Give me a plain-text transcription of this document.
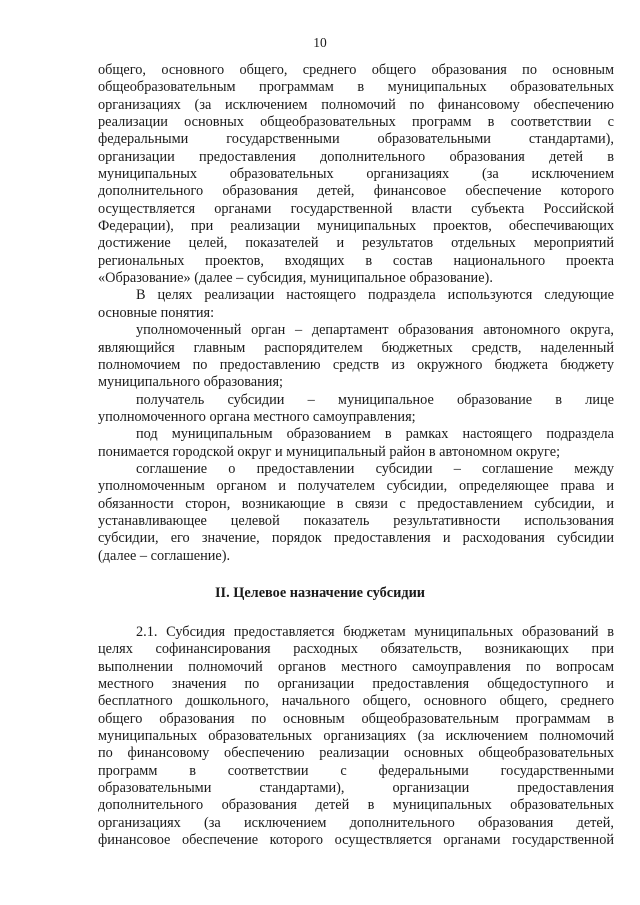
10
общего, основного общего, среднего общего образования по основным
общеобразовательным программам в муниципальных образовательных
организациях (за исключением полномочий по финансовому обеспечению
реализации основных общеобразовательных программ в соответствии с
федеральными государственными образовательными стандартами),
организации предоставления дополнительного образования детей в
муниципальных образовательных организациях (за исключением
дополнительного образования детей, финансовое обеспечение которого
осуществляется органами государственной власти субъекта Российской
Федерации), при реализации муниципальных проектов, обеспечивающих
достижение целей, показателей и результатов отдельных мероприятий
региональных проектов, входящих в состав национального проекта
«Образование» (далее – субсидия, муниципальное образование).
В целях реализации настоящего подраздела используются следующие
основные понятия:
уполномоченный орган – департамент образования автономного округа,
являющийся главным распорядителем бюджетных средств, наделенный
полномочием по предоставлению средств из окружного бюджета бюджету
муниципального образования;
получатель субсидии – муниципальное образование в лице
уполномоченного органа местного самоуправления;
под муниципальным образованием в рамках настоящего подраздела
понимается городской округ и муниципальный район в автономном округе;
соглашение о предоставлении субсидии – соглашение между
уполномоченным органом и получателем субсидии, определяющее права и
обязанности сторон, возникающие в связи с предоставлением субсидии, и
устанавливающее целевой показатель результативности использования
субсидии, его значение, порядок предоставления и расходования субсидии
(далее – соглашение).
II. Целевое назначение субсидии
2.1. Субсидия предоставляется бюджетам муниципальных образований в
целях софинансирования расходных обязательств, возникающих при
выполнении полномочий органов местного самоуправления по вопросам
местного значения по организации предоставления общедоступного и
бесплатного дошкольного, начального общего, основного общего, среднего
общего образования по основным общеобразовательным программам в
муниципальных образовательных организациях (за исключением полномочий
по финансовому обеспечению реализации основных общеобразовательных
программ в соответствии с федеральными государственными
образовательными стандартами), организации предоставления
дополнительного образования детей в муниципальных образовательных
организациях (за исключением дополнительного образования детей,
финансовое обеспечение которого осуществляется органами государственной
